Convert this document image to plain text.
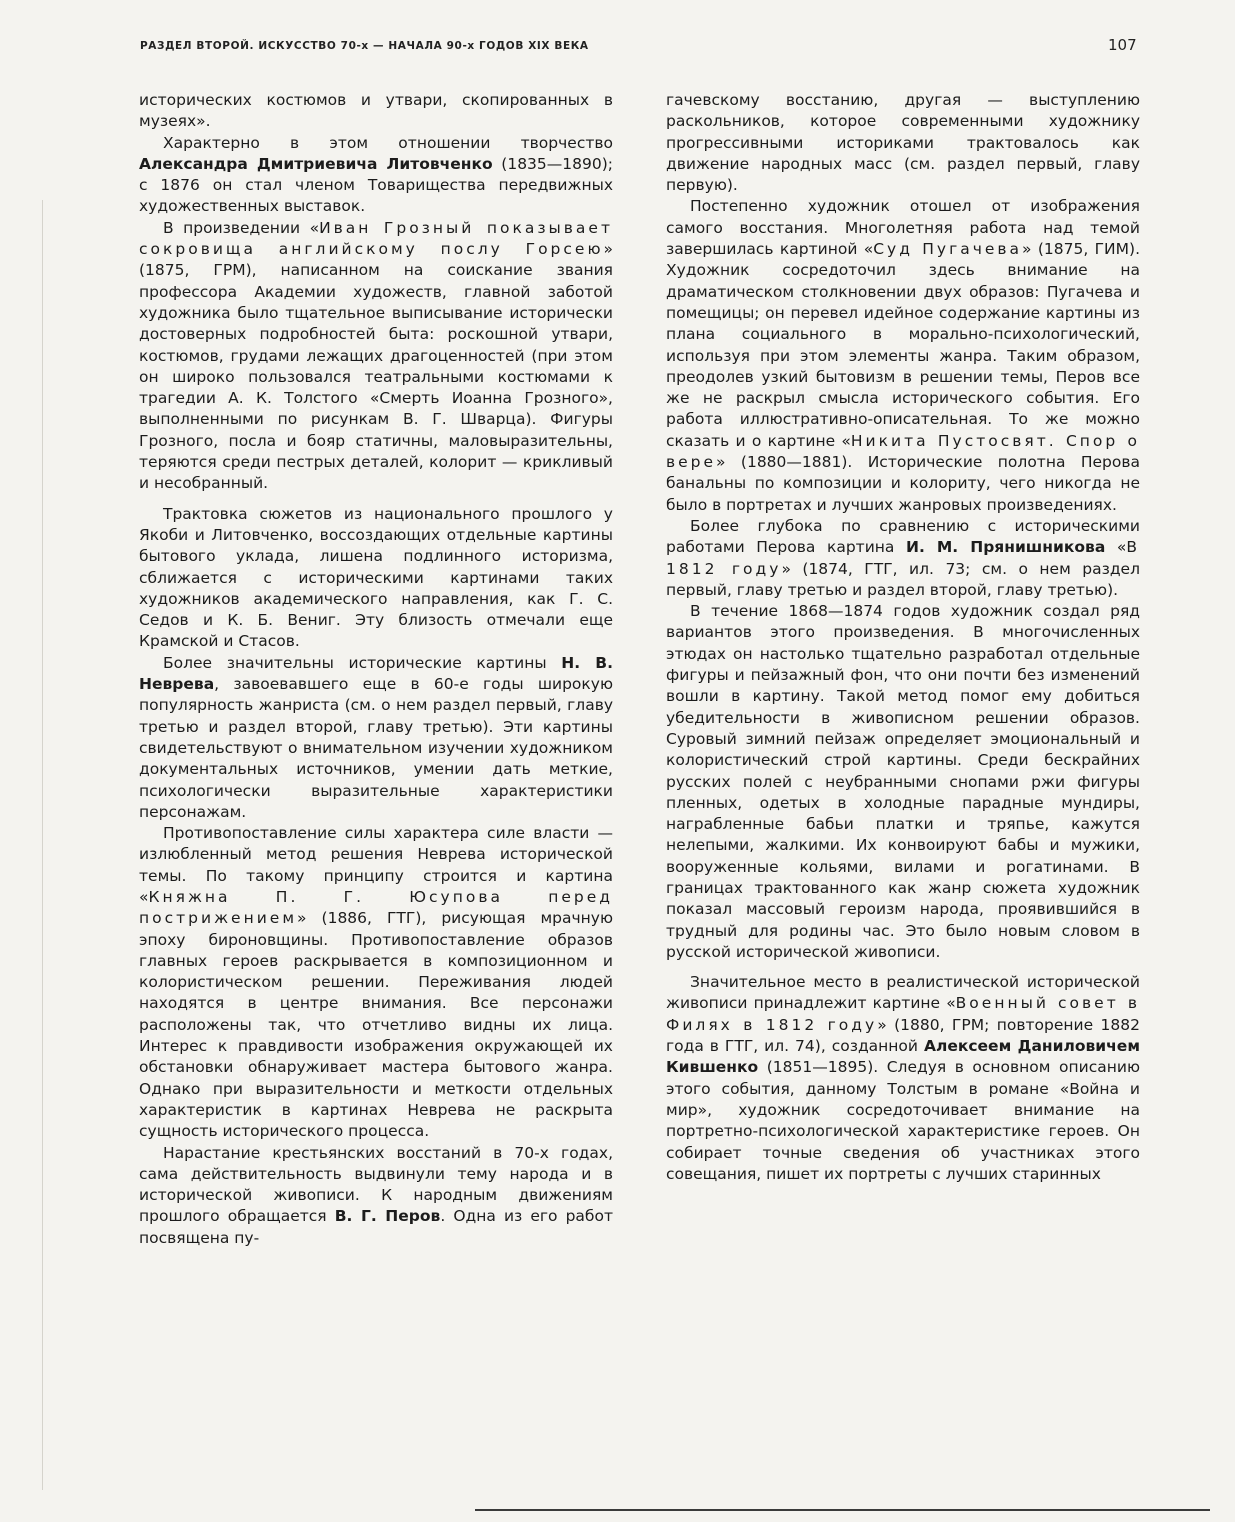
РАЗДЕЛ ВТОРОЙ. ИСКУССТВО 70-х — НАЧАЛА 90-х ГОДОВ XIX ВЕКА	107

исторических костюмов и утвари, скопированных в музеях».

Характерно в этом отношении творчество Александра Дмитриевича Литовченко (1835—1890); с 1876 он стал членом Товарищества передвижных художественных выставок.

В произведении «Иван Грозный показывает сокровища английскому послу Горсею» (1875, ГРМ), написанном на соискание звания профессора Академии художеств, главной заботой художника было тщательное выписывание исторически достоверных подробностей быта: роскошной утвари, костюмов, грудами лежащих драгоценностей (при этом он широко пользовался театральными костюмами к трагедии А. К. Толстого «Смерть Иоанна Грозного», выполненными по рисункам В. Г. Шварца). Фигуры Грозного, посла и бояр статичны, маловыразительны, теряются среди пестрых деталей, колорит — крикливый и несобранный.

Трактовка сюжетов из национального прошлого у Якоби и Литовченко, воссоздающих отдельные картины бытового уклада, лишена подлинного историзма, сближается с историческими картинами таких художников академического направления, как Г. С. Седов и К. Б. Вениг. Эту близость отмечали еще Крамской и Стасов.

Более значительны исторические картины Н. В. Неврева, завоевавшего еще в 60-е годы широкую популярность жанриста (см. о нем раздел первый, главу третью и раздел второй, главу третью). Эти картины свидетельствуют о внимательном изучении художником документальных источников, умении дать меткие, психологически выразительные характеристики персонажам.

Противопоставление силы характера силе власти — излюбленный метод решения Неврева исторической темы. По такому принципу строится и картина «Княжна П. Г. Юсупова перед пострижением» (1886, ГТГ), рисующая мрачную эпоху бироновщины. Противопоставление образов главных героев раскрывается в композиционном и колористическом решении. Переживания людей находятся в центре внимания. Все персонажи расположены так, что отчетливо видны их лица. Интерес к правдивости изображения окружающей их обстановки обнаруживает мастера бытового жанра. Однако при выразительности и меткости отдельных характеристик в картинах Неврева не раскрыта сущность исторического процесса.

Нарастание крестьянских восстаний в 70-х годах, сама действительность выдвинули тему народа и в исторической живописи. К народным движениям прошлого обращается В. Г. Перов. Одна из его работ посвящена пу-

гачевскому восстанию, другая — выступлению раскольников, которое современными художнику прогрессивными историками трактовалось как движение народных масс (см. раздел первый, главу первую).

Постепенно художник отошел от изображения самого восстания. Многолетняя работа над темой завершилась картиной «Суд Пугачева» (1875, ГИМ). Художник сосредоточил здесь внимание на драматическом столкновении двух образов: Пугачева и помещицы; он перевел идейное содержание картины из плана социального в морально-психологический, используя при этом элементы жанра. Таким образом, преодолев узкий бытовизм в решении темы, Перов все же не раскрыл смысла исторического события. Его работа иллюстративно-описательная. То же можно сказать и о картине «Никита Пустосвят. Спор о вере» (1880—1881). Исторические полотна Перова банальны по композиции и колориту, чего никогда не было в портретах и лучших жанровых произведениях.

Более глубока по сравнению с историческими работами Перова картина И. М. Прянишникова «В 1812 году» (1874, ГТГ, ил. 73; см. о нем раздел первый, главу третью и раздел второй, главу третью).

В течение 1868—1874 годов художник создал ряд вариантов этого произведения. В многочисленных этюдах он настолько тщательно разработал отдельные фигуры и пейзажный фон, что они почти без изменений вошли в картину. Такой метод помог ему добиться убедительности в живописном решении образов. Суровый зимний пейзаж определяет эмоциональный и колористический строй картины. Среди бескрайних русских полей с неубранными снопами ржи фигуры пленных, одетых в холодные парадные мундиры, награбленные бабьи платки и тряпье, кажутся нелепыми, жалкими. Их конвоируют бабы и мужики, вооруженные кольями, вилами и рогатинами. В границах трактованного как жанр сюжета художник показал массовый героизм народа, проявившийся в трудный для родины час. Это было новым словом в русской исторической живописи.

Значительное место в реалистической исторической живописи принадлежит картине «Военный совет в Филях в 1812 году» (1880, ГРМ; повторение 1882 года в ГТГ, ил. 74), созданной Алексеем Даниловичем Кившенко (1851—1895). Следуя в основном описанию этого события, данному Толстым в романе «Война и мир», художник сосредоточивает внимание на портретно-психологической характеристике героев. Он собирает точные сведения об участниках этого совещания, пишет их портреты с лучших старинных
